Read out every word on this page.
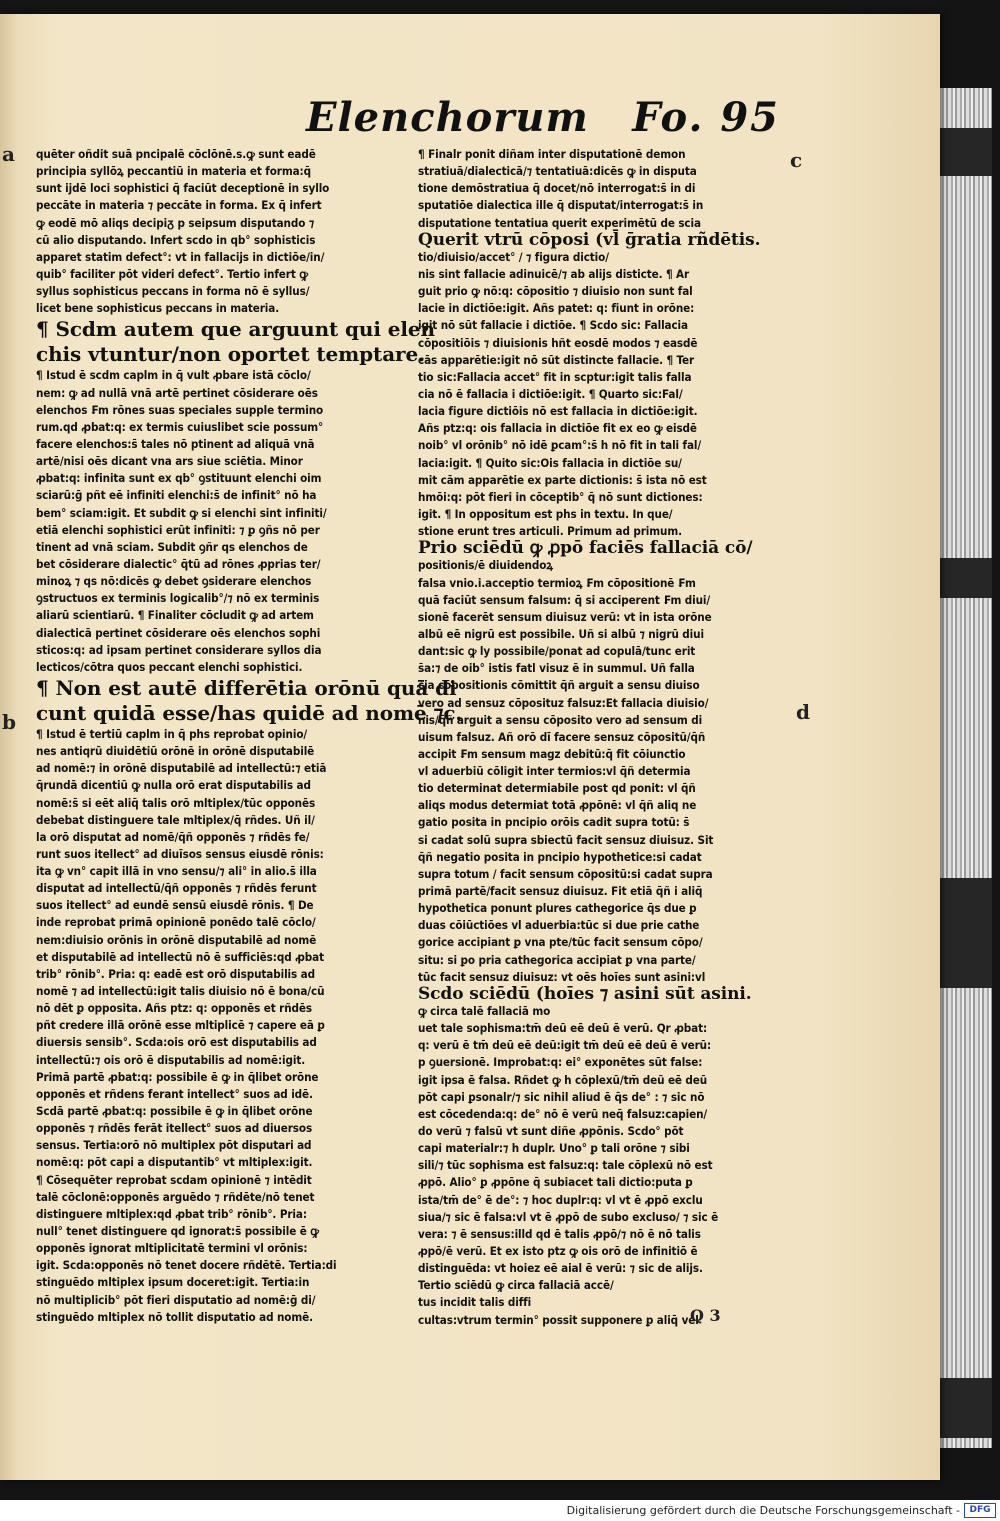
Elenchorum Fo. 95
a	c
b	d
quēter oñdit suā pncipalē cōclōnē.s.ꝙ sunt eadē
principia syllōꝝ peccantiū in materia et forma:q̄
sunt ijdē loci sophistici q̄ faciūt deceptionē in syllo
peccāte in materia ⁊ peccāte in forma. Ex q̄ infert
ꝙ eodē mō aliqs decipiᵹ p seipsum disputando ⁊
cū alio disputando. Infert scdo in qb° sophisticis
apparet statim defect°: vt in fallacijs in dictiōe/in/
quib° faciliter pōt videri defect°. Tertio infert ꝙ
syllus sophisticus peccans in forma nō ē syllus/
licet bene sophisticus peccans in materia.
¶ Scdm autem que arguunt qui elen
chis vtuntur/non oportet temptare.
¶ Istud ē scdm caplm in q̄ vult ꝓbare istā cōclo/
nem: ꝙ ad nullā vnā artē pertinet cōsiderare oēs
elenchos ₣m rōnes suas speciales supple termino
rum.qd ꝓbat:q: ex termis cuiuslibet scie possum°
facere elenchos:s̄ tales nō ptinent ad aliquā vnā
artē/nisi oēs dicant vna ars siue sciētia. Minor
ꝓbat:q: infinita sunt ex qb° ꝯstituunt elenchi oim
sciarū:ḡ pñt eē infiniti elenchi:s̄ de infinit° nō ha
bem° sciam:igit. Et subdit ꝙ si elenchi sint infiniti/
etiā elenchi sophistici erūt infiniti: ⁊ ꝑ ꝯñs nō per
tinent ad vnā sciam. Subdit ꝯñr qs elenchos de
bet cōsiderare dialectic° q̄tū ad rōnes ꝓprias ter/
minoꝝ ⁊ qs nō:dicēs ꝙ debet ꝯsiderare elenchos
ꝯstructuos ex terminis logicalib°/⁊ nō ex terminis
aliarū scientiarū. ¶ Finaliter cōcludit ꝙ ad artem
dialecticā pertinet cōsiderare oēs elenchos sophi
sticos:q: ad ipsam pertinet considerare syllos dia
lecticos/cōtra quos peccant elenchi sophistici.
¶ Non est autē differētia orōnū quā di
cunt quidā esse/has quidē ad nomē ⁊c.
¶ Istud ē tertiū caplm in q̄ phs reprobat opinio/
nes antiqrū diuidētiū orōnē in orōnē disputabilē
ad nomē:⁊ in orōnē disputabilē ad intellectū:⁊ etiā
q̄rundā dicentiū ꝙ nulla orō erat disputabilis ad
nomē:s̄ si eēt aliq̄ talis orō mltiplex/tūc opponēs
debebat distinguere tale mltiplex/q̄ rñdes. Uñ il/
la orō disputat ad nomē/q̄ñ opponēs ⁊ rñdēs fe/
runt suos itellect° ad diuīsos sensus eiusdē rōnis:
ita ꝙ vn° capit illā in vno sensu/⁊ ali° in alio.s̄ illa
disputat ad intellectū/q̄ñ opponēs ⁊ rñdēs ferunt
suos itellect° ad eundē sensū eiusdē rōnis. ¶ De
inde reprobat primā opinionē ponēdo talē cōclo/
nem:diuisio orōnis in orōnē disputabilē ad nomē
et disputabilē ad intellectū nō ē sufficiēs:qd ꝓbat
trib° rōnib°. Pria: q: eadē est orō disputabilis ad
nomē ⁊ ad intellectū:igit talis diuisio nō ē bona/cū
nō dēt ꝑ opposita. Añs ptz: q: opponēs et rñdēs
pñt credere illā orōnē esse mltiplicē ⁊ capere eā ꝑ
diuersis sensib°. Scda:ois orō est disputabilis ad
intellectū:⁊ ois orō ē disputabilis ad nomē:igit.
Primā partē ꝓbat:q: possibile ē ꝙ in q̄libet orōne
opponēs et rñdens ferant intellect° suos ad idē.
Scdā partē ꝓbat:q: possibile ē ꝙ in q̄libet orōne
opponēs ⁊ rñdēs ferāt itellect° suos ad diuersos
sensus. Tertia:orō nō multiplex pōt disputari ad
nomē:q: pōt capi a disputantib° vt mltiplex:igit.
¶ Cōsequēter reprobat scdam opinionē ⁊ intēdit
talē cōclonē:opponēs arguēdo ⁊ rñdēte/nō tenet
distinguere mltiplex:qd ꝓbat trib° rōnib°. Pria:
null° tenet distinguere qd ignorat:s̄ possibile ē ꝙ
opponēs ignorat mltiplicitatē termini vl orōnis:
igit. Scda:opponēs nō tenet docere rñdētē. Tertia:di
stinguēdo mltiplex ipsum doceret:igit. Tertia:in
nō multiplicib° pōt fieri disputatio ad nomē:ḡ di/
stinguēdo mltiplex nō tollit disputatio ad nomē.
¶ Finalr ponit diñam inter disputationē demon
stratiuā/dialecticā/⁊ tentatiuā:dicēs ꝙ in disputa
tione demōstratiua q̄ docet/nō interrogat:s̄ in di
sputatiōe dialectica ille q̄ disputat/interrogat:s̄ in
disputatione tentatiua querit experimētū de scia
Querit vtrū cōposi (vl̄ ḡratia rñdētis.
tio/diuisio/accet° / ⁊ figura dictio/
nis sint fallacie adinuicē/⁊ ab alijs disticte. ¶ Ar
guit prio ꝙ nō:q: cōpositio ⁊ diuisio non sunt fal
lacie in dictiōe:igit. Añs patet: q: fiunt in orōne:
igit nō sūt fallacie i dictiōe. ¶ Scdo sic: Fallacia
cōpositiōis ⁊ diuisionis hñt eosdē modos ⁊ easdē
cās apparētie:igit nō sūt distincte fallacie. ¶ Ter
tio sic:Fallacia accet° fit in scptur:igit talis falla
cia nō ē fallacia i dictiōe:igit. ¶ Quarto sic:Fal/
lacia figure dictiōis nō est fallacia in dictiōe:igit.
Añs ptz:q: ois fallacia in dictiōe fit ex eo ꝙ eisdē
noib° vl orōnib° nō idē ꝑcam°:s̄ h nō fit in tali fal/
lacia:igit. ¶ Quito sic:Ois fallacia in dictiōe su/
mit cām apparētie ex parte dictionis: s̄ ista nō est
hmōi:q: pōt fieri in cōceptib° q̄ nō sunt dictiones:
igit. ¶ In oppositum est phs in textu. In que/
stione erunt tres articuli. Primum ad primum.
Prio sciēdū ꝙ ꝓpō faciēs fallaciā cō/
positionis/ē diuidendoꝝ
falsa vnio.i.acceptio termioꝝ ₣m cōpositionē ₣m
quā faciūt sensum falsum: q̄ si acciperent ₣m diui/
sionē facerēt sensum diuisuz verū: vt in ista orōne
albū eē nigrū est possibile. Uñ si albū ⁊ nigrū diui
dant:sic ꝙ ly possibile/ponat ad copulā/tunc erit
s̄a:⁊ de oib° istis fatl visuz ē in summul. Uñ falla
cia cōpositionis cōmittit q̄ñ arguit a sensu diuiso
vero ad sensuz cōposituz falsuz:Et fallacia diuisio/
nis/q̄ñ arguit a sensu cōposito vero ad sensum di
uisum falsuz. Añ orō dī facere sensuz cōpositū/q̄ñ
accipit ₣m sensum magz debitū:q̄ fit cōiunctio
vl aduerbiū cōligit inter termios:vl q̄ñ determia
tio determinat determiabile post qd ponit: vl q̄ñ
aliqs modus determiat totā ꝓpōnē: vl q̄ñ aliq ne
gatio posita in pncipio orōis cadit supra totū: s̄
si cadat solū supra sbiectū facit sensuz diuisuz. Sit
q̄ñ negatio posita in pncipio hypothetice:si cadat
supra totum / facit sensum cōpositū:si cadat supra
primā partē/facit sensuz diuisuz. Fit etiā q̄ñ i aliq̄
hypothetica ponunt plures cathegorice q̄s due ꝑ
duas cōiūctiōes vl aduerbia:tūc si due prie cathe
gorice accipiant ꝑ vna pte/tūc facit sensum cōpo/
situ: si ꝑo pria cathegorica accipiat ꝑ vna parte/
tūc facit sensuz diuisuz: vt oēs hoīes sunt asini:vl
Scdo sciēdū (hoīes ⁊ asini sūt asini.
ꝙ circa talē fallaciā mo
uet tale sophisma:tm̄ deū eē deū ē verū. Qr ꝓbat:
q: verū ē tm̄ deū eē deū:igit tm̄ deū eē deū ē verū:
p ꝯuersionē. Improbat:q: ei° exponētes sūt false:
igit ipsa ē falsa. Rñdet ꝙ h cōplexū/tm̄ deū eē deū
pōt capi ꝑsonalr/⁊ sic nihil aliud ē q̄s de° : ⁊ sic nō
est cōcedenda:q: de° nō ē verū neq̄ falsuz:capien/
do verū ⁊ falsū vt sunt diñe ꝓpōnis. Scdo° pōt
capi materialr:⁊ h duplr. Uno° ꝑ tali orōne ⁊ sibi
sili/⁊ tūc sophisma est falsuz:q: tale cōplexū nō est
ꝓpō. Alio° ꝑ ꝓpōne q̄ subiacet tali dictio:puta ꝑ
ista/tm̄ de° ē de°: ⁊ hoc duplr:q: vl vt ē ꝓpō exclu
siua/⁊ sic ē falsa:vl vt ē ꝓpō de subo excluso/ ⁊ sic ē
vera: ⁊ ē sensus:illd qd ē talis ꝓpō/⁊ nō ē nō talis
ꝓpō/ē verū. Et ex isto ptz ꝙ ois orō de infinitiō ē
distinguēda: vt hoiez eē aial ē verū: ⁊ sic de alijs.
Tertio sciēdū ꝙ circa fallaciā accē/
tus incidit talis diffi
cultas:vtrum termin° possit supponere ꝑ aliq̄ vel
Q 3
Digitalisierung gefördert durch die Deutsche Forschungsgemeinschaft -	DFG
